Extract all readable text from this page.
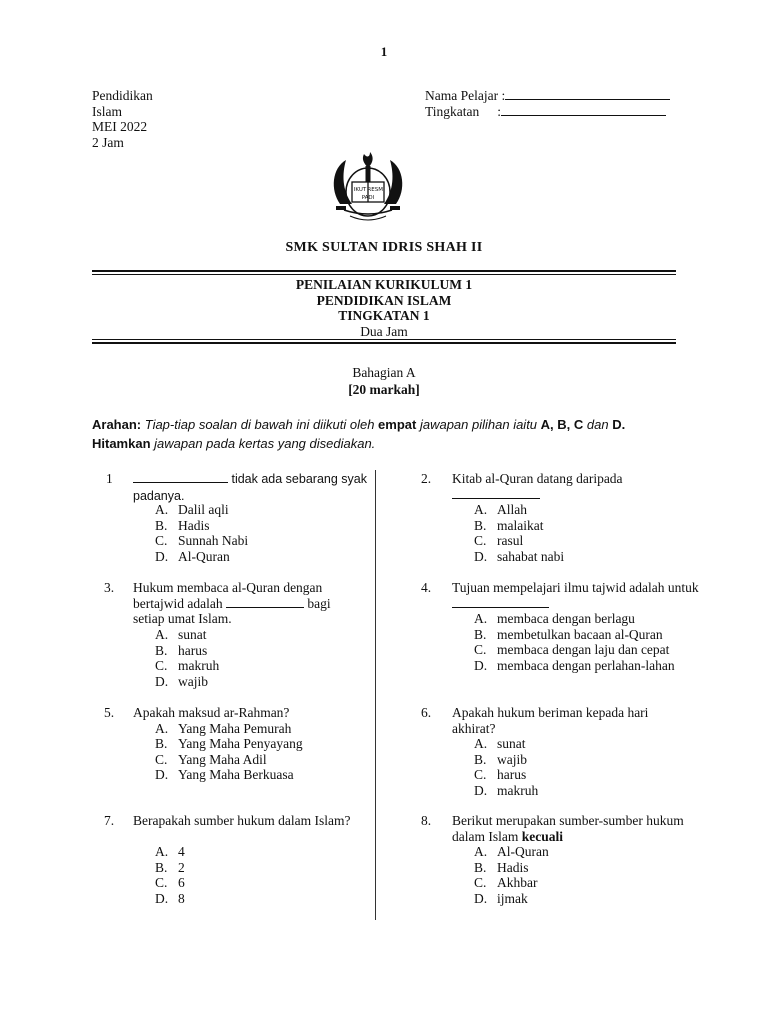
1
Pendidikan
Islam
MEI 2022
2 Jam
Nama Pelajar :
Tingkatan :
IKUT RESMI
PADI
SMK SULTAN IDRIS SHAH II
PENILAIAN KURIKULUM 1
PENDIDIKAN ISLAM
TINGKATAN 1
Dua Jam
Bahagian A
[20 markah]
Arahan: Tiap-tiap soalan di bawah ini diikuti oleh empat jawapan pilihan iaitu A, B, C dan D.
Hitamkan jawapan pada kertas yang disediakan.
1	tidak ada sebarang syak padanya.
A. Dalil aqli
B. Hadis
C. Sunnah Nabi
D. Al-Quran
2. Kitab al-Quran datang daripada

A. Allah
B. malaikat
C. rasul
D. sahabat nabi
3. Hukum membaca al-Quran dengan bertajwid adalah	bagi setiap umat Islam.
A. sunat
B. harus
C. makruh
D. wajib
4. Tujuan mempelajari ilmu tajwid adalah untuk
A. membaca dengan berlagu
B. membetulkan bacaan al-Quran
C. membaca dengan laju dan cepat
D. membaca dengan perlahan-lahan
5. Apakah maksud ar-Rahman?
A. Yang Maha Pemurah
B. Yang Maha Penyayang
C. Yang Maha Adil
D. Yang Maha Berkuasa
6. Apakah hukum beriman kepada hari akhirat?
A. sunat
B. wajib
C. harus
D. makruh
7. Berapakah sumber hukum dalam Islam?
A. 4
B. 2
C. 6
D. 8
8. Berikut merupakan sumber-sumber hukum dalam Islam kecuali
A. Al-Quran
B. Hadis
C. Akhbar
D. ijmak
